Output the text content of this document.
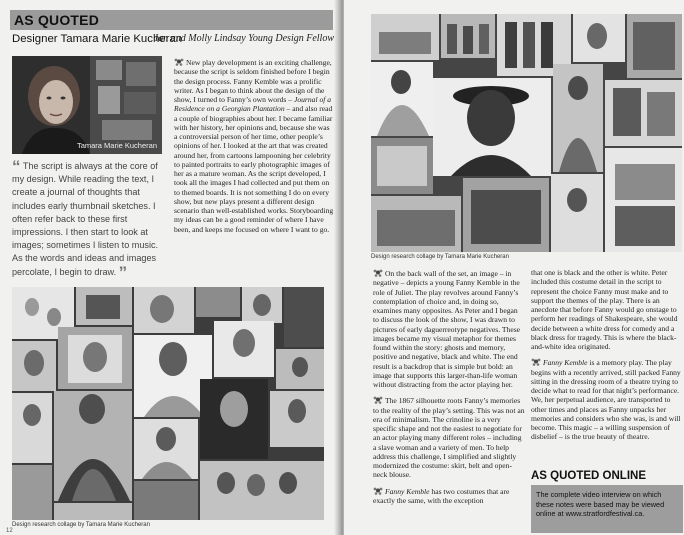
AS QUOTED
Designer Tamara Marie Kucheran
Ian and Molly Lindsay Young Design Fellow
Tamara Marie Kucheran
“ The script is always at the core of my design. While reading the text, I create a journal of thoughts that includes early thumbnail sketches. I often refer back to these first impressions. I then start to look at images; sometimes I listen to music. As the words and ideas and images percolate, I begin to draw. ”

New play development is an exciting challenge, because the script is seldom finished before I begin the design process. Fanny Kemble was a prolific writer. As I began to think about the design of the show, I turned to Fanny’s own words – Journal of a Residence on a Georgian Plantation – and also read a couple of biographies about her. I became familiar with her history, her opinions and, because she was a controversial person of her time, other people’s opinions of her. I looked at the art that was created around her, from cartoons lampooning her celebrity to painted portraits to early photographic images of her as a mature woman. As the script developed, I took all the images I had collected and put them on to themed boards. It is not something I do on every show, but new plays present a different design scenario than well-established works. Storyboarding my ideas can be a good reminder of where I have been, and keeps me focused on where I want to go.

Design research collage by Tamara Marie Kucheran
12
Design research collage by Tamara Marie Kucheran

On the back wall of the set, an image – in negative – depicts a young Fanny Kemble in the role of Juliet. The play revolves around Fanny’s contemplation of choice and, in doing so, examines many opposites. As Peter and I began to discuss the look of the show, I was drawn to pictures of early daguerreotype negatives. These images became my visual metaphor for themes found within the story: ghosts and memory, positive and negative, black and white. The end result is a backdrop that is simple but bold: an image that supports this larger-than-life woman without distracting from the actor playing her.

The 1867 silhouette roots Fanny’s memories to the reality of the play’s setting. This was not an era of minimalism. The crinoline is a very specific shape and not the easiest to negotiate for an actor playing many different roles – including a slave woman and a variety of men. To help address this challenge, I simplified and slightly modernized the costume: skirt, belt and open-neck blouse.

Fanny Kemble has two costumes that are exactly the same, with the exception

that one is black and the other is white. Peter included this costume detail in the script to represent the choice Fanny must make and to support the themes of the play. There is an anecdote that before Fanny would go onstage to perform her readings of Shakespeare, she would decide between a white dress for comedy and a black dress for tragedy. This is where the black-and-white idea originated.

Fanny Kemble is a memory play. The play begins with a recently arrived, still packed Fanny sitting in the dressing room of a theatre trying to decide what to read for that night’s performance. We, her perpetual audience, are transported to other times and places as Fanny unpacks her memories and considers who she was, is and will become. This magic – a willing suspension of disbelief – is the true beauty of theatre.

AS QUOTED ONLINE
The complete video interview on which these notes were based may be viewed online at www.stratfordfestival.ca.
